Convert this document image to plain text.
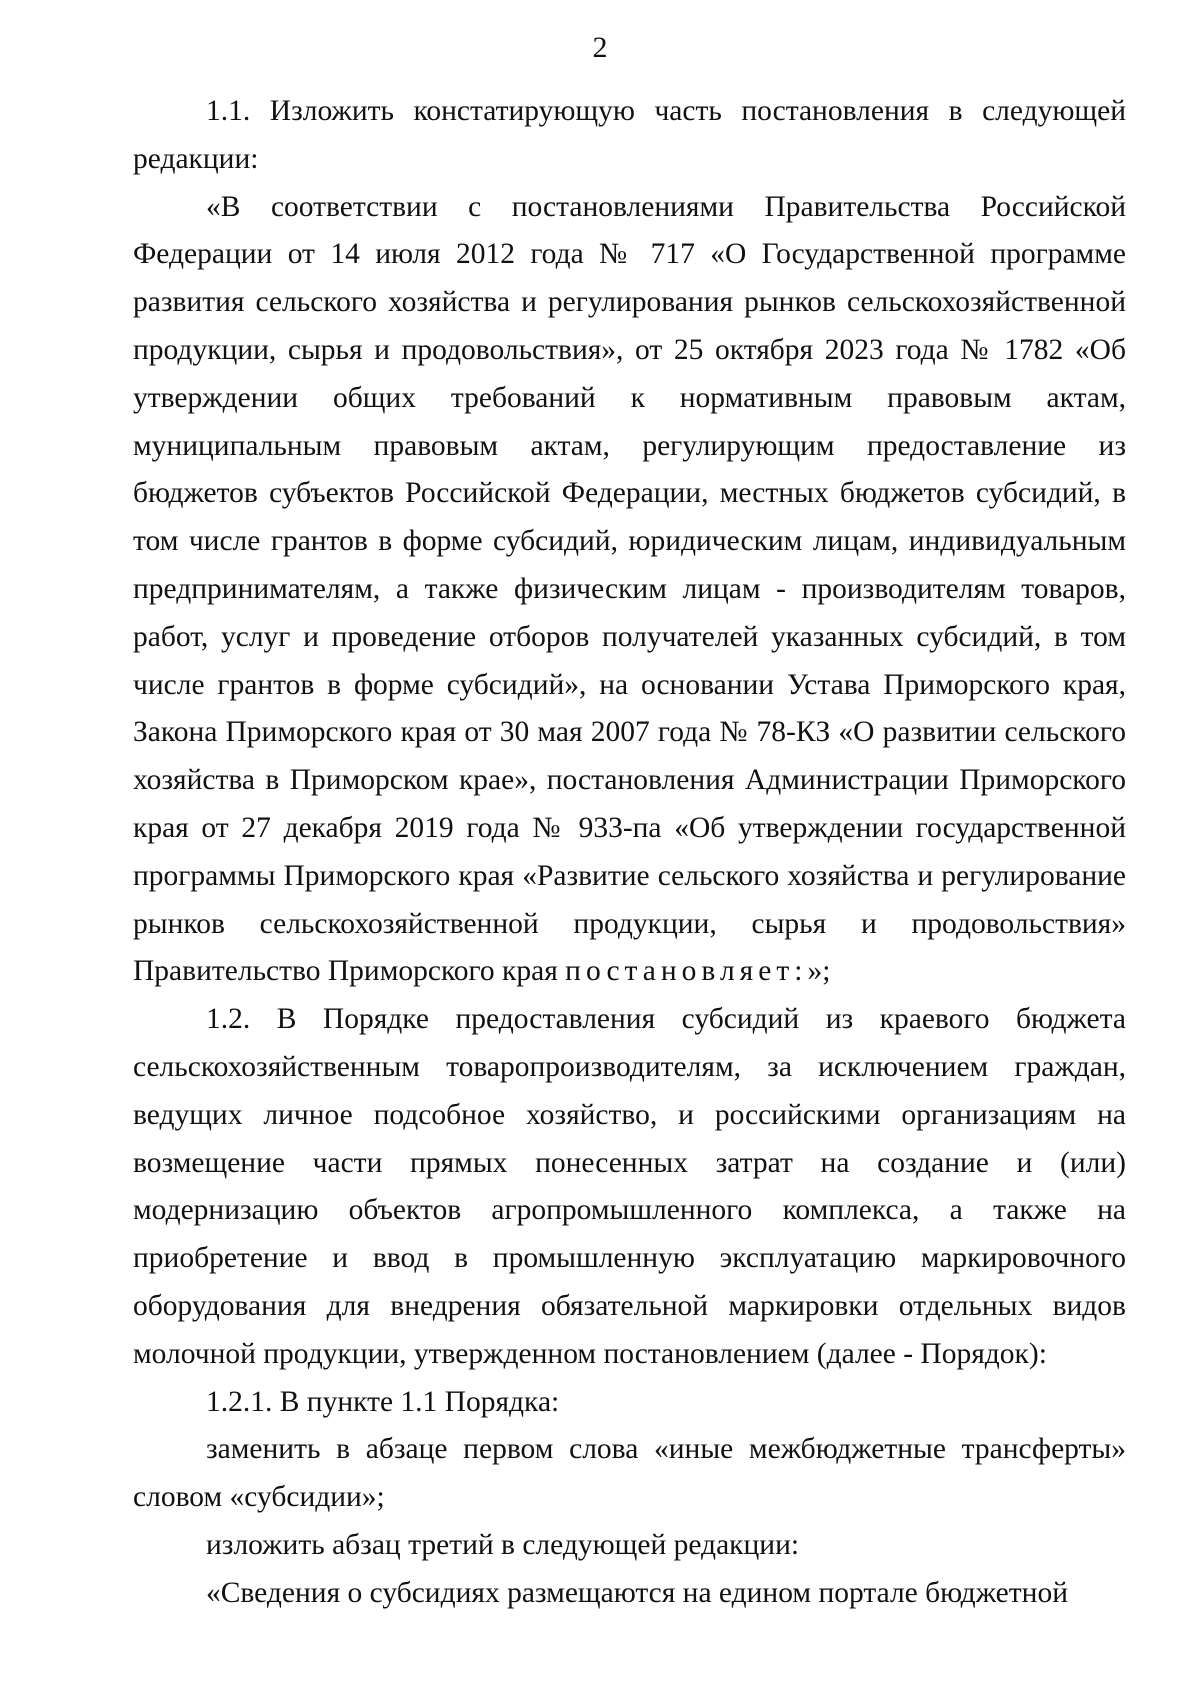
2

1.1. Изложить констатирующую часть постановления в следующей редакции:

«В соответствии с постановлениями Правительства Российской Федерации от 14 июля 2012 года № 717 «О Государственной программе развития сельского хозяйства и регулирования рынков сельскохозяйственной продукции, сырья и продовольствия», от 25 октября 2023 года № 1782 «Об утверждении общих требований к нормативным правовым актам, муниципальным правовым актам, регулирующим предоставление из бюджетов субъектов Российской Федерации, местных бюджетов субсидий, в том числе грантов в форме субсидий, юридическим лицам, индивидуальным предпринимателям, а также физическим лицам - производителям товаров, работ, услуг и проведение отборов получателей указанных субсидий, в том числе грантов в форме субсидий», на основании Устава Приморского края, Закона Приморского края от 30 мая 2007 года № 78-КЗ «О развитии сельского хозяйства в Приморском крае», постановления Администрации Приморского края от 27 декабря 2019 года № 933-па «Об утверждении государственной программы Приморского края «Развитие сельского хозяйства и регулирование рынков сельскохозяйственной продукции, сырья и продовольствия» Правительство Приморского края постановляет:»;

1.2. В Порядке предоставления субсидий из краевого бюджета сельскохозяйственным товаропроизводителям, за исключением граждан, ведущих личное подсобное хозяйство, и российскими организациям на возмещение части прямых понесенных затрат на создание и (или) модернизацию объектов агропромышленного комплекса, а также на приобретение и ввод в промышленную эксплуатацию маркировочного оборудования для внедрения обязательной маркировки отдельных видов молочной продукции, утвержденном постановлением (далее - Порядок):

1.2.1. В пункте 1.1 Порядка:

заменить в абзаце первом слова «иные межбюджетные трансферты» словом «субсидии»;

изложить абзац третий в следующей редакции:

«Сведения о субсидиях размещаются на едином портале бюджетной
